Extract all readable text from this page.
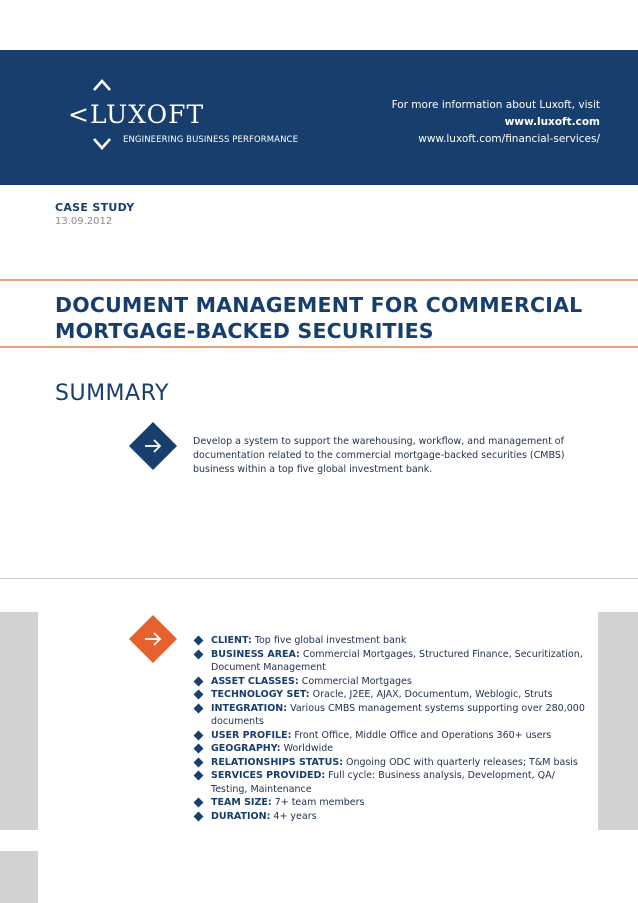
<LUXOFT
ENGINEERING BUSINESS PERFORMANCE
For more information about Luxoft, visit
www.luxoft.com
www.luxoft.com/financial-services/
CASE STUDY
13.09.2012
DOCUMENT MANAGEMENT FOR COMMERCIAL
MORTGAGE-BACKED SECURITIES
SUMMARY
Develop a system to support the warehousing, workflow, and management of documentation related to the commercial mortgage-backed securities (CMBS) business within a top five global investment bank.
CLIENT: Top five global investment bank
BUSINESS AREA: Commercial Mortgages, Structured Finance, Securitization, Document Management
ASSET CLASSES: Commercial Mortgages
TECHNOLOGY SET: Oracle, J2EE, AJAX, Documentum, Weblogic, Struts
INTEGRATION: Various CMBS management systems supporting over 280,000 documents
USER PROFILE: Front Office, Middle Office and Operations 360+ users
GEOGRAPHY: Worldwide
RELATIONSHIPS STATUS: Ongoing ODC with quarterly releases; T&M basis
SERVICES PROVIDED: Full cycle: Business analysis, Development, QA/ Testing, Maintenance
TEAM SIZE: 7+ team members
DURATION: 4+ years
